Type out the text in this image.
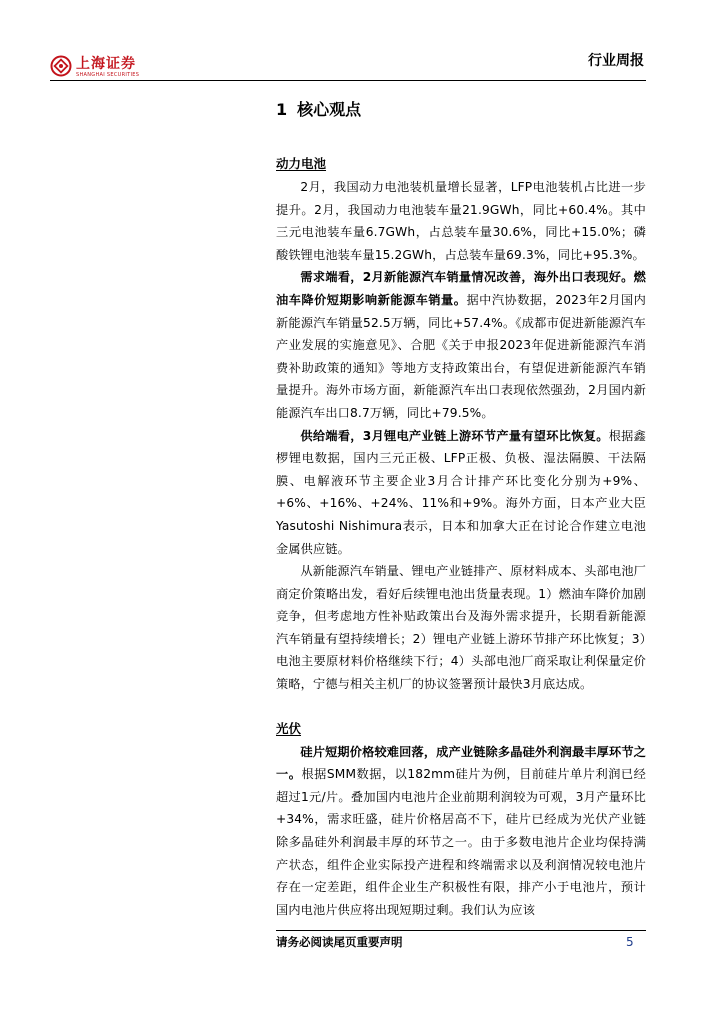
上海证券
SHANGHAI SECURITIES
行业周报
1 核心观点
动力电池

2月，我国动力电池装机量增长显著，LFP电池装机占比进一步提升。2月，我国动力电池装车量21.9GWh，同比+60.4%。其中三元电池装车量6.7GWh，占总装车量30.6%，同比+15.0%；磷酸铁锂电池装车量15.2GWh，占总装车量69.3%，同比+95.3%。

需求端看，2月新能源汽车销量情况改善，海外出口表现好。燃油车降价短期影响新能源车销量。据中汽协数据，2023年2月国内新能源汽车销量52.5万辆，同比+57.4%。《成都市促进新能源汽车产业发展的实施意见》、合肥《关于申报2023年促进新能源汽车消费补助政策的通知》等地方支持政策出台，有望促进新能源汽车销量提升。海外市场方面，新能源汽车出口表现依然强劲，2月国内新能源汽车出口8.7万辆，同比+79.5%。

供给端看，3月锂电产业链上游环节产量有望环比恢复。根据鑫椤锂电数据，国内三元正极、LFP正极、负极、湿法隔膜、干法隔膜、电解液环节主要企业3月合计排产环比变化分别为+9%、+6%、+16%、+24%、11%和+9%。海外方面，日本产业大臣Yasutoshi Nishimura表示，日本和加拿大正在讨论合作建立电池金属供应链。

从新能源汽车销量、锂电产业链排产、原材料成本、头部电池厂商定价策略出发，看好后续锂电池出货量表现。1）燃油车降价加剧竞争，但考虑地方性补贴政策出台及海外需求提升，长期看新能源汽车销量有望持续增长；2）锂电产业链上游环节排产环比恢复；3）电池主要原材料价格继续下行；4）头部电池厂商采取让利保量定价策略，宁德与相关主机厂的协议签署预计最快3月底达成。

光伏

硅片短期价格较难回落，成产业链除多晶硅外利润最丰厚环节之一。根据SMM数据，以182mm硅片为例，目前硅片单片利润已经超过1元/片。叠加国内电池片企业前期利润较为可观，3月产量环比+34%，需求旺盛，硅片价格居高不下，硅片已经成为光伏产业链除多晶硅外利润最丰厚的环节之一。由于多数电池片企业均保持满产状态，组件企业实际投产进程和终端需求以及利润情况较电池片存在一定差距，组件企业生产积极性有限，排产小于电池片，预计国内电池片供应将出现短期过剩。我们认为应该

请务必阅读尾页重要声明	5
